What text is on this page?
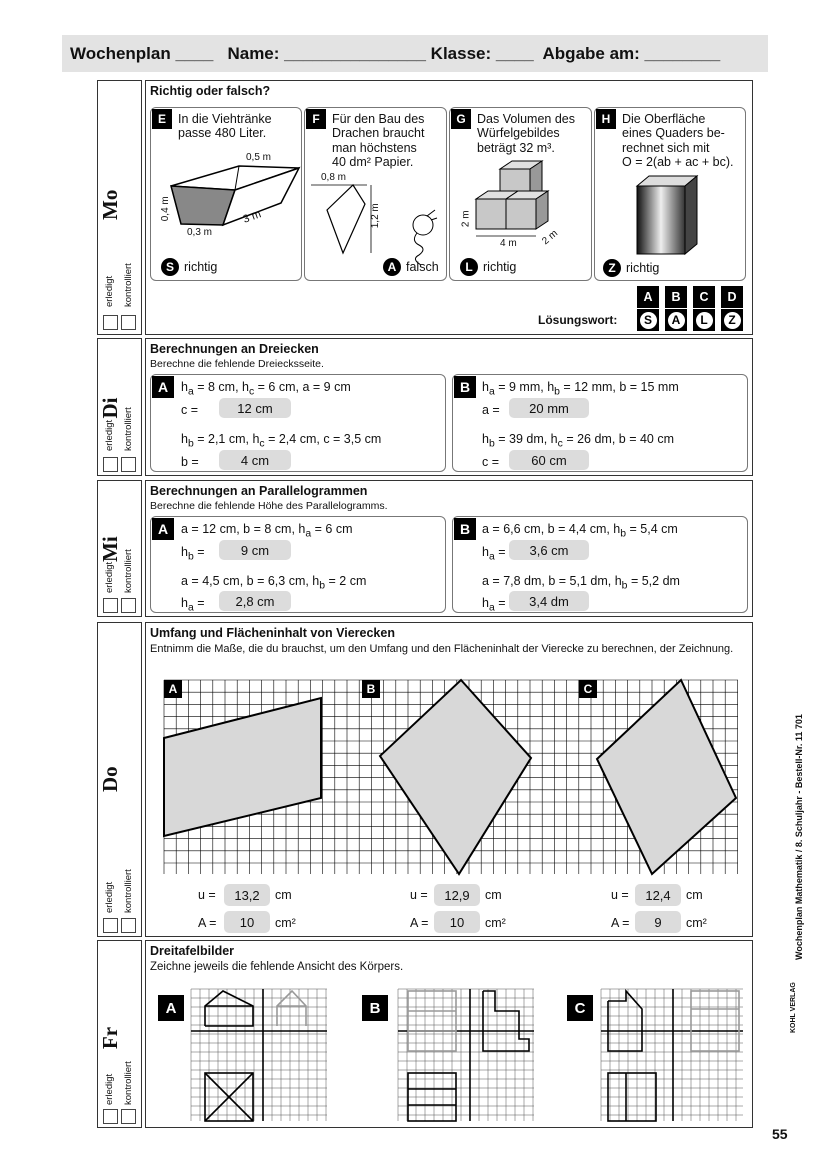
Wochenplan ____   Name: _______________ Klasse: ____  Abgabe am: ________
Mo
erledigt kontrolliert
Di
erledigt kontrolliert
Mi
erledigt kontrolliert
Do
erledigt kontrolliert
Fr
erledigt kontrolliert
Richtig oder falsch?
E In die Viehtränke
passe 480 Liter.
0,5 m
0,4 m
0,3 m
3 m
S richtig
F Für den Bau des
Drachen braucht
man höchstens
40 dm² Papier.
0,8 m
1,2 m
A falsch
G Das Volumen des
Würfelgebildes
beträgt 32 m³.
2 m
4 m 2 m
L richtig
H Die Oberfläche
eines Quaders be-
rechnet sich mit
O = 2(ab + ac + bc).
Z richtig
A	B	C	D
Lösungswort:	S	A	L	Z
Berechnungen an Dreiecken
Berechne die fehlende Dreiecksseite.
A	$h_a = 8$ cm, $h_c = 6$ cm, a = 9 cm
c =	12 cm
$h_b = 2,1$ cm, $h_c = 2,4$ cm, c = 3,5 cm
b =	4 cm
B $h_a = 9$ mm, $h_b = 12$ mm, b = 15 mm
a =	20 mm
$h_b = 39$ dm, $h_c = 26$ dm, b = 40 cm
c =	60 cm
Berechnungen an Parallelogrammen
Berechne die fehlende Höhe des Parallelogramms.
A	a = 12 cm, b = 8 cm, $h_a = 6$ cm
$h_b$ =	9 cm
a = 4,5 cm, b = 6,3 cm, $h_b = 2$ cm
$h_a$ =	2,8 cm
B a = 6,6 cm, b = 4,4 cm, $h_b = 5,4$ cm
$h_a$ =	3,6 cm
a = 7,8 dm, b = 5,1 dm, $h_b = 5,2$ dm
$h_a$ =	3,4 dm
Umfang und Flächeninhalt von Vierecken
Entnimm die Maße, die du brauchst, um den Umfang und den Flächeninhalt der Vierecke zu berechnen, der Zeichnung.
A	B	C
u =	13,2	cm
A =	10	cm²
u =	12,9	cm
A =	10	cm²
u =	12,4	cm
A =	9	cm²
Dreitafelbilder
Zeichne jeweils die fehlende Ansicht des Körpers.
A	B	C
Wochenplan Mathematik / 8. Schuljahr - Bestell-Nr. 11 701
KOHL VERLAG
55
